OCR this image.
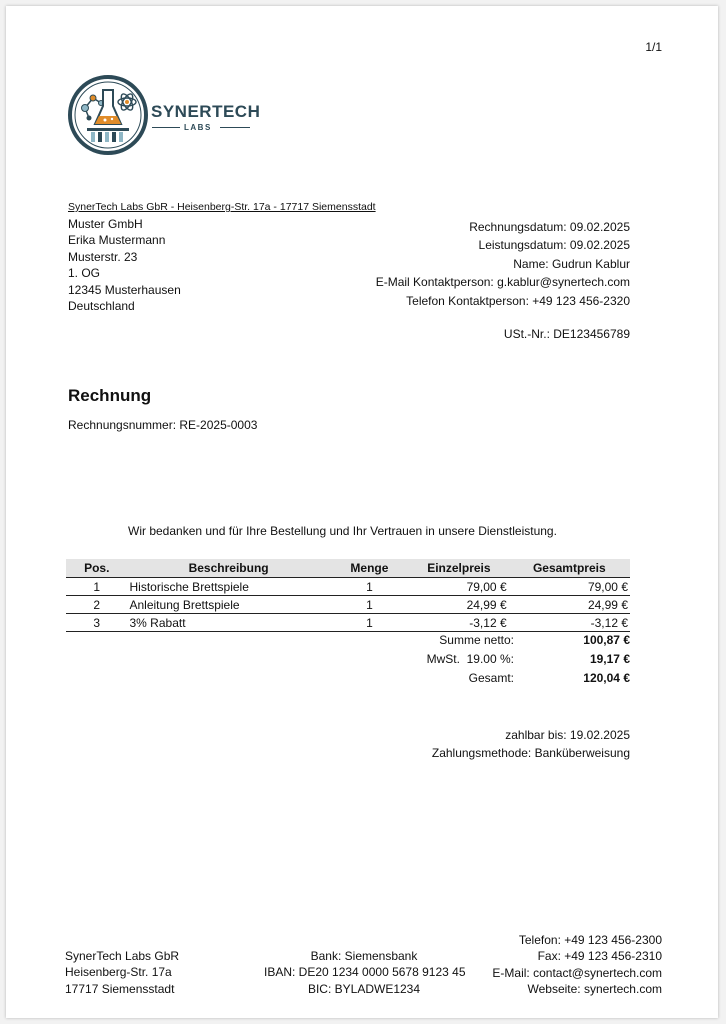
1/1
SYNERTECH
LABS
SynerTech Labs GbR - Heisenberg-Str. 17a - 17717 Siemensstadt
Muster GmbH
Erika Mustermann
Musterstr. 23
1. OG
12345 Musterhausen
Deutschland
Rechnungsdatum: 09.02.2025
Leistungsdatum: 09.02.2025
Name: Gudrun Kablur
E-Mail Kontaktperson: g.kablur@synertech.com
Telefon Kontaktperson: +49 123 456-2320
USt.-Nr.: DE123456789
Rechnung
Rechnungsnummer: RE-2025-0003
Wir bedanken und für Ihre Bestellung und Ihr Vertrauen in unsere Dienstleistung.
Pos.	Beschreibung	Menge	Einzelpreis	Gesamtpreis
1	Historische Brettspiele	1	79,00 €	79,00 €
2	Anleitung Brettspiele	1	24,99 €	24,99 €
3	3% Rabatt	1	-3,12 €	-3,12 €
Summe netto:	100,87 €
MwSt.  19.00 %:	19,17 €
Gesamt:	120,04 €
zahlbar bis: 19.02.2025
Zahlungsmethode: Banküberweisung
SynerTech Labs GbR
Heisenberg-Str. 17a
17717 Siemensstadt
Bank: Siemensbank
IBAN: DE20 1234 0000 5678 9123 45
BIC: BYLADWE1234
Telefon: +49 123 456-2300
Fax: +49 123 456-2310
E-Mail: contact@synertech.com
Webseite: synertech.com
